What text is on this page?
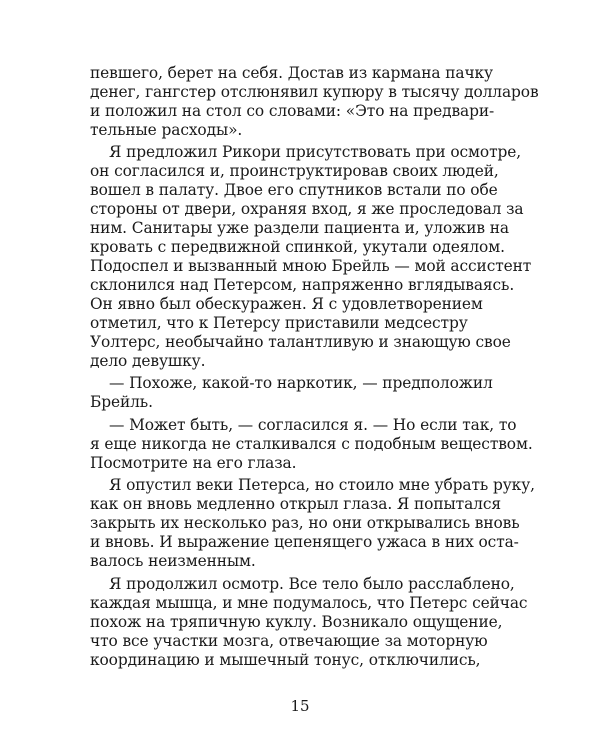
певшего, берет на себя. Достав из кармана пачку
денег, гангстер отслюнявил купюру в тысячу долларов
и положил на стол со словами: «Это на предвари-
тельные расходы».
Я предложил Рикори присутствовать при осмотре,
он согласился и, проинструктировав своих людей,
вошел в палату. Двое его спутников встали по обе
стороны от двери, охраняя вход, я же проследовал за
ним. Санитары уже раздели пациента и, уложив на
кровать с передвижной спинкой, укутали одеялом.
Подоспел и вызванный мною Брейль — мой ассистент
склонился над Петерсом, напряженно вглядываясь.
Он явно был обескуражен. Я с удовлетворением
отметил, что к Петерсу приставили медсестру
Уолтерс, необычайно талантливую и знающую свое
дело девушку.
— Похоже, какой-то наркотик, — предположил
Брейль.
— Может быть, — согласился я. — Но если так, то
я еще никогда не сталкивался с подобным веществом.
Посмотрите на его глаза.
Я опустил веки Петерса, но стоило мне убрать руку,
как он вновь медленно открыл глаза. Я попытался
закрыть их несколько раз, но они открывались вновь
и вновь. И выражение цепенящего ужаса в них оста-
валось неизменным.
Я продолжил осмотр. Все тело было расслаблено,
каждая мышца, и мне подумалось, что Петерс сейчас
похож на тряпичную куклу. Возникало ощущение,
что все участки мозга, отвечающие за моторную
координацию и мышечный тонус, отключились,
15
